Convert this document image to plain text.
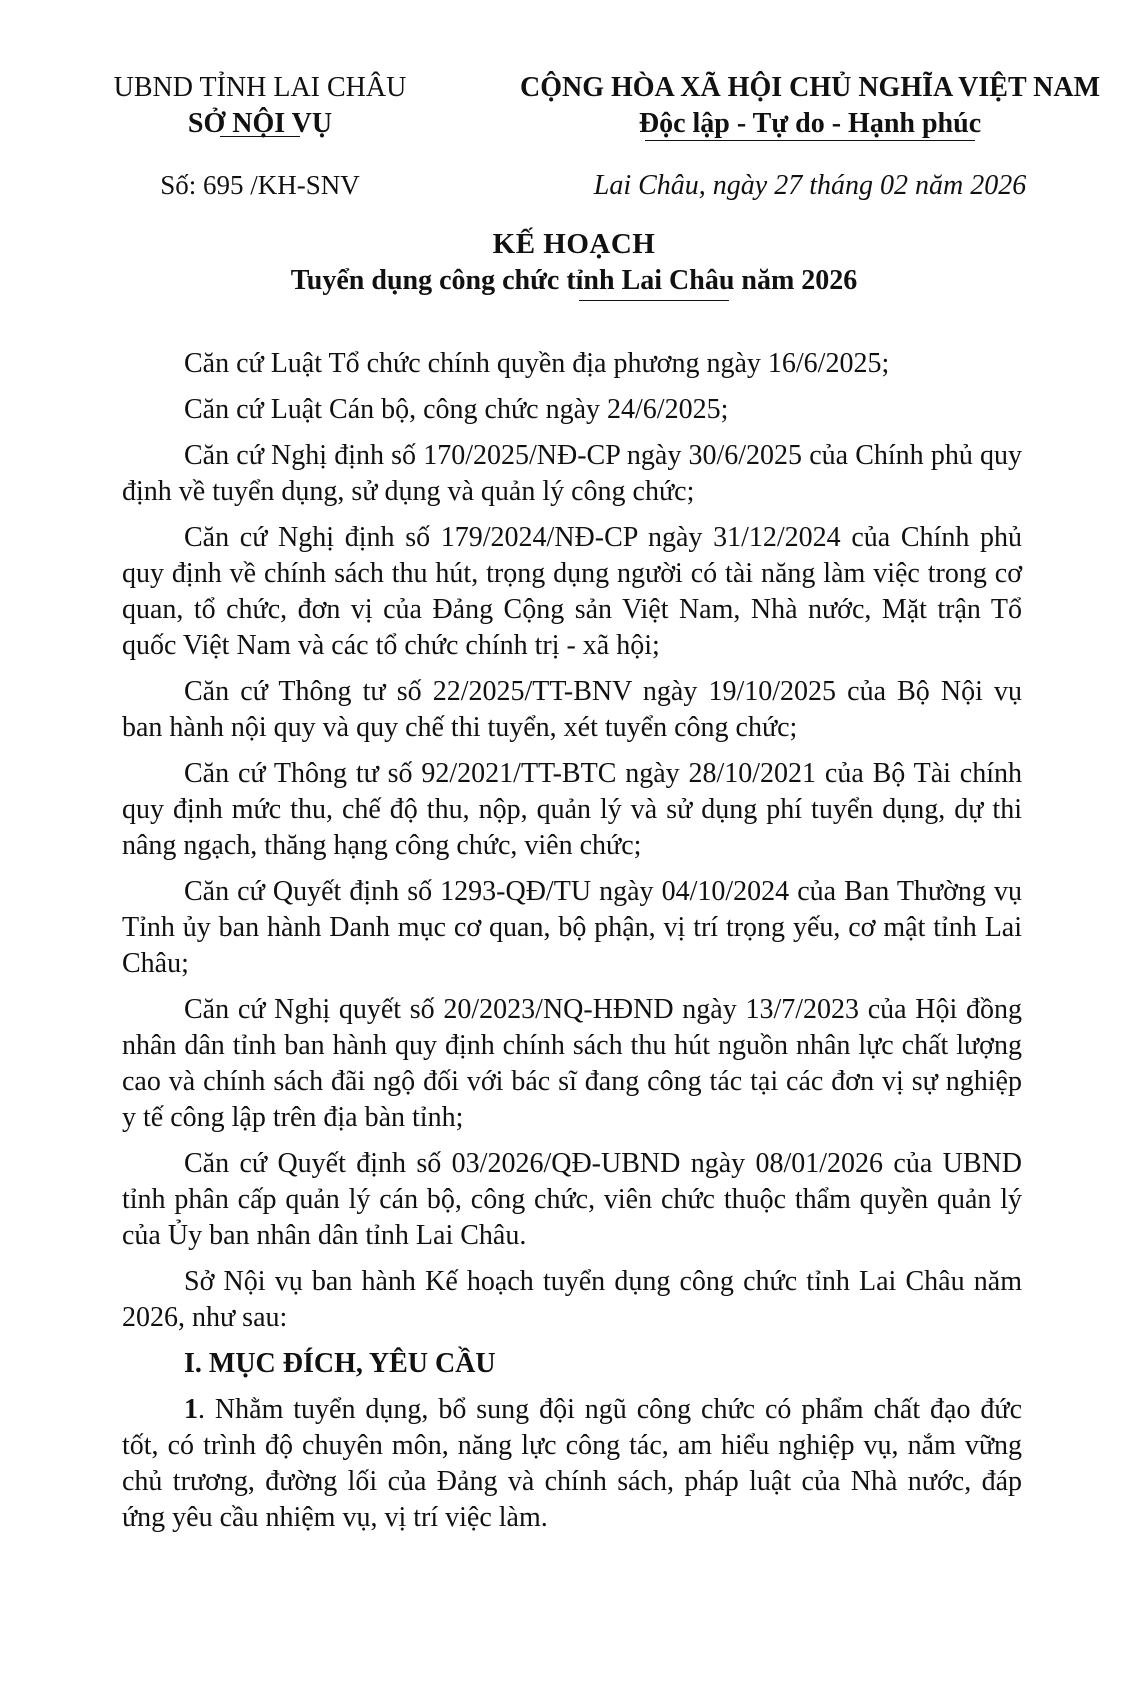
UBND TỈNH LAI CHÂU
SỞ NỘI VỤ
CỘNG HÒA XÃ HỘI CHỦ NGHĨA VIỆT NAM
Độc lập - Tự do - Hạnh phúc
Số: 695 /KH-SNV	Lai Châu, ngày 27 tháng 02 năm 2026
KẾ HOẠCH
Tuyển dụng công chức tỉnh Lai Châu năm 2026

Căn cứ Luật Tổ chức chính quyền địa phương ngày 16/6/2025;

Căn cứ Luật Cán bộ, công chức ngày 24/6/2025;

Căn cứ Nghị định số 170/2025/NĐ-CP ngày 30/6/2025 của Chính phủ quy định về tuyển dụng, sử dụng và quản lý công chức;

Căn cứ Nghị định số 179/2024/NĐ-CP ngày 31/12/2024 của Chính phủ quy định về chính sách thu hút, trọng dụng người có tài năng làm việc trong cơ quan, tổ chức, đơn vị của Đảng Cộng sản Việt Nam, Nhà nước, Mặt trận Tổ quốc Việt Nam và các tổ chức chính trị - xã hội;

Căn cứ Thông tư số 22/2025/TT-BNV ngày 19/10/2025 của Bộ Nội vụ ban hành nội quy và quy chế thi tuyển, xét tuyển công chức;

Căn cứ Thông tư số 92/2021/TT-BTC ngày 28/10/2021 của Bộ Tài chính quy định mức thu, chế độ thu, nộp, quản lý và sử dụng phí tuyển dụng, dự thi nâng ngạch, thăng hạng công chức, viên chức;

Căn cứ Quyết định số 1293-QĐ/TU ngày 04/10/2024 của Ban Thường vụ Tỉnh ủy ban hành Danh mục cơ quan, bộ phận, vị trí trọng yếu, cơ mật tỉnh Lai Châu;

Căn cứ Nghị quyết số 20/2023/NQ-HĐND ngày 13/7/2023 của Hội đồng nhân dân tỉnh ban hành quy định chính sách thu hút nguồn nhân lực chất lượng cao và chính sách đãi ngộ đối với bác sĩ đang công tác tại các đơn vị sự nghiệp y tế công lập trên địa bàn tỉnh;

Căn cứ Quyết định số 03/2026/QĐ-UBND ngày 08/01/2026 của UBND tỉnh phân cấp quản lý cán bộ, công chức, viên chức thuộc thẩm quyền quản lý của Ủy ban nhân dân tỉnh Lai Châu.

Sở Nội vụ ban hành Kế hoạch tuyển dụng công chức tỉnh Lai Châu năm 2026, như sau:

I. MỤC ĐÍCH, YÊU CẦU

1. Nhằm tuyển dụng, bổ sung đội ngũ công chức có phẩm chất đạo đức tốt, có trình độ chuyên môn, năng lực công tác, am hiểu nghiệp vụ, nắm vững chủ trương, đường lối của Đảng và chính sách, pháp luật của Nhà nước, đáp ứng yêu cầu nhiệm vụ, vị trí việc làm.
